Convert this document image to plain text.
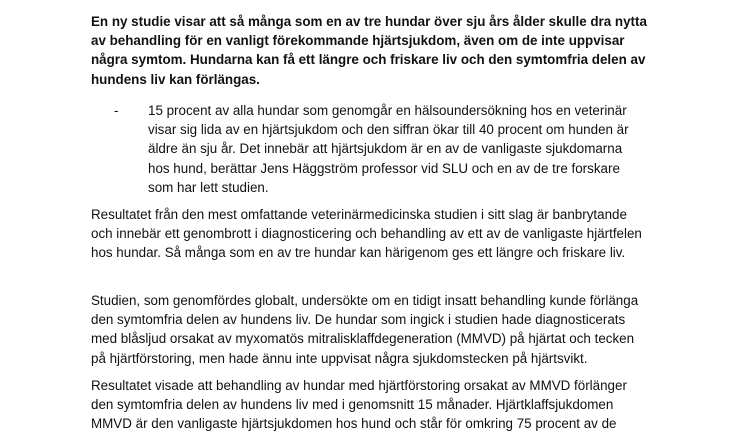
En ny studie visar att så många som en av tre hundar över sju års ålder skulle dra nytta av behandling för en vanligt förekommande hjärtsjukdom, även om de inte uppvisar några symtom. Hundarna kan få ett längre och friskare liv och den symtomfria delen av hundens liv kan förlängas.

- 15 procent av alla hundar som genomgår en hälsoundersökning hos en veterinär visar sig lida av en hjärtsjukdom och den siffran ökar till 40 procent om hunden är äldre än sju år. Det innebär att hjärtsjukdom är en av de vanligaste sjukdomarna hos hund, berättar Jens Häggström professor vid SLU och en av de tre forskare som har lett studien.

Resultatet från den mest omfattande veterinärmedicinska studien i sitt slag är banbrytande och innebär ett genombrott i diagnosticering och behandling av ett av de vanligaste hjärtfelen hos hundar. Så många som en av tre hundar kan härigenom ges ett längre och friskare liv.

Studien, som genomfördes globalt, undersökte om en tidigt insatt behandling kunde förlänga den symtomfria delen av hundens liv. De hundar som ingick i studien hade diagnosticerats med blåsljud orsakat av myxomatös mitralisklaffdegeneration (MMVD) på hjärtat och tecken på hjärtförstoring, men hade ännu inte uppvisat några sjukdomstecken på hjärtsvikt.

Resultatet visade att behandling av hundar med hjärtförstoring orsakat av MMVD förlänger den symtomfria delen av hundens liv med i genomsnitt 15 månader. Hjärtklaffsjukdomen MMVD är den vanligaste hjärtsjukdomen hos hund och står för omkring 75 procent av de
